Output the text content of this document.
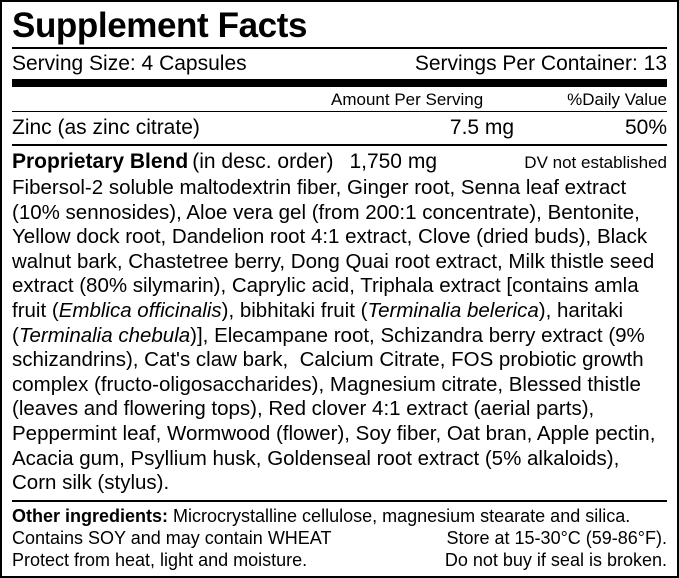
Supplement Facts
Serving Size: 4 Capsules	Servings Per Container: 13
Amount Per Serving	%Daily Value
Zinc (as zinc citrate)	7.5 mg	50%
Proprietary Blend (in desc. order) 1,750 mg	DV not established
Fibersol-2 soluble maltodextrin fiber, Ginger root, Senna leaf extract (10% sennosides), Aloe vera gel (from 200:1 concentrate), Bentonite, Yellow dock root, Dandelion root 4:1 extract, Clove (dried buds), Black walnut bark, Chastetree berry, Dong Quai root extract, Milk thistle seed extract (80% silymarin), Caprylic acid, Triphala extract [contains amla fruit (Emblica officinalis), bibhitaki fruit (Terminalia belerica), haritaki (Terminalia chebula)], Elecampane root, Schizandra berry extract (9% schizandrins), Cat's claw bark,  Calcium Citrate, FOS probiotic growth complex (fructo-oligosaccharides), Magnesium citrate, Blessed thistle (leaves and flowering tops), Red clover 4:1 extract (aerial parts), Peppermint leaf, Wormwood (flower), Soy fiber, Oat bran, Apple pectin, Acacia gum, Psyllium husk, Goldenseal root extract (5% alkaloids), Corn silk (stylus).
Other ingredients: Microcrystalline cellulose, magnesium stearate and silica.
Contains SOY and may contain WHEAT	Store at 15-30°C (59-86°F).
Protect from heat, light and moisture.	Do not buy if seal is broken.
